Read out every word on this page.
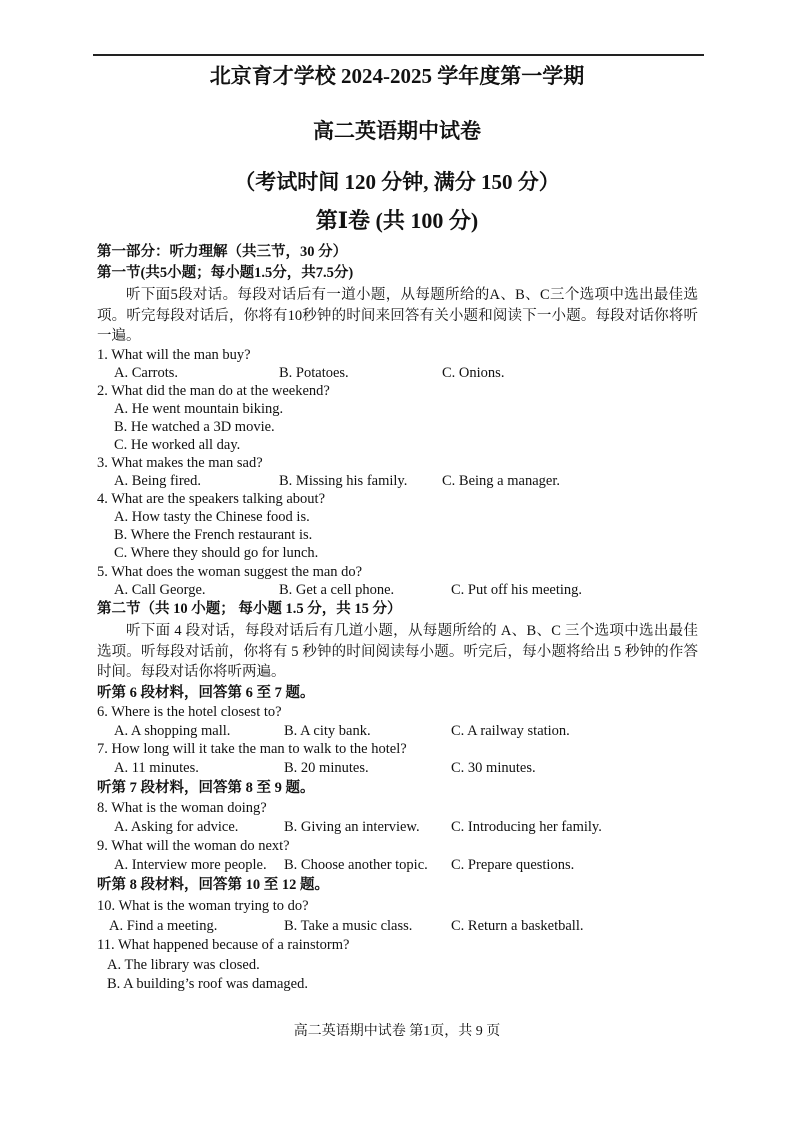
北京育才学校 2024-2025 学年度第一学期
高二英语期中试卷
（考试时间 120 分钟, 满分 150 分）
第Ⅰ卷 (共 100 分)
第一部分：听力理解（共三节，30 分）
第一节(共5小题；每小题1.5分，共7.5分)
听下面5段对话。每段对话后有一道小题，从每题所给的A、B、C三个选项中选出最佳选项。听完每段对话后，你将有10秒钟的时间来回答有关小题和阅读下一小题。每段对话你将听一遍。
1. What will the man buy?
A. Carrots.	B. Potatoes.	C. Onions.
2. What did the man do at the weekend?
A. He went mountain biking.
B. He watched a 3D movie.
C. He worked all day.
3. What makes the man sad?
A. Being fired.	B. Missing his family. C. Being a manager.
4. What are the speakers talking about?
A. How tasty the Chinese food is.
B. Where the French restaurant is.
C. Where they should go for lunch.
5. What does the woman suggest the man do?
A. Call George.	B. Get a cell phone.	C. Put off his meeting.
第二节（共 10 小题； 每小题 1.5 分，共 15 分）
听下面 4 段对话，每段对话后有几道小题，从每题所给的 A、B、C 三个选项中选出最佳选项。听每段对话前，你将有 5 秒钟的时间阅读每小题。听完后，每小题将给出 5 秒钟的作答时间。每段对话你将听两遍。
听第 6 段材料，回答第 6 至 7 题。
6. Where is the hotel closest to?
A. A shopping mall.	B. A city bank.	C. A railway station.
7. How long will it take the man to walk to the hotel?
A. 11 minutes.	B. 20 minutes.	C. 30 minutes.
听第 7 段材料，回答第 8 至 9 题。
8. What is the woman doing?
A. Asking for advice.	B. Giving an interview. C. Introducing her family.
9. What will the woman do next?
A. Interview more people. B. Choose another topic. C. Prepare questions.
听第 8 段材料，回答第 10 至 12 题。
10. What is the woman trying to do?
A. Find a meeting.	B. Take a music class.	C. Return a basketball.
11. What happened because of a rainstorm?
A. The library was closed.
B. A building’s roof was damaged.
高二英语期中试卷 第1页，共 9 页
